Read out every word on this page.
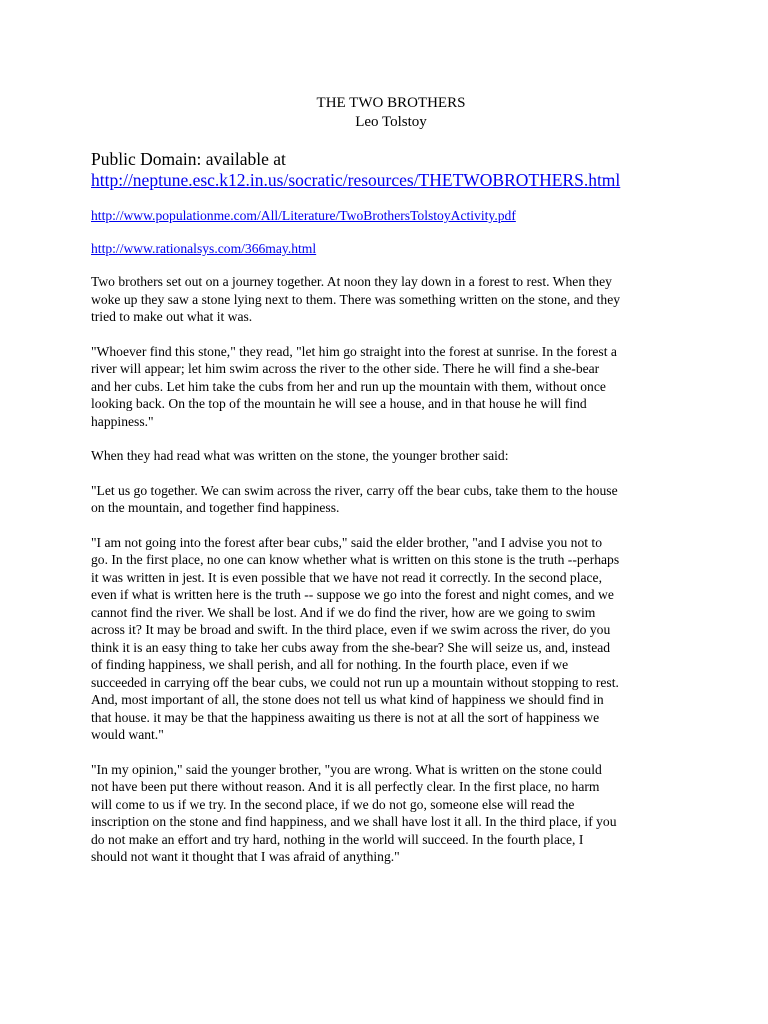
THE TWO BROTHERS
Leo Tolstoy
Public Domain: available at
http://neptune.esc.k12.in.us/socratic/resources/THETWOBROTHERS.html
http://www.populationme.com/All/Literature/TwoBrothersTolstoyActivity.pdf
http://www.rationalsys.com/366may.html

Two brothers set out on a journey together. At noon they lay down in a forest to rest. When they

woke up they saw a stone lying next to them. There was something written on the stone, and they

tried to make out what it was.

"Whoever find this stone," they read, "let him go straight into the forest at sunrise. In the forest a

river will appear; let him swim across the river to the other side. There he will find a she-bear

and her cubs. Let him take the cubs from her and run up the mountain with them, without once

looking back. On the top of the mountain he will see a house, and in that house he will find

happiness."

When they had read what was written on the stone, the younger brother said:

"Let us go together. We can swim across the river, carry off the bear cubs, take them to the house

on the mountain, and together find happiness.

"I am not going into the forest after bear cubs," said the elder brother, "and I advise you not to

go. In the first place, no one can know whether what is written on this stone is the truth --perhaps

it was written in jest. It is even possible that we have not read it correctly. In the second place,

even if what is written here is the truth -- suppose we go into the forest and night comes, and we

cannot find the river. We shall be lost. And if we do find the river, how are we going to swim

across it? It may be broad and swift. In the third place, even if we swim across the river, do you

think it is an easy thing to take her cubs away from the she-bear? She will seize us, and, instead

of finding happiness, we shall perish, and all for nothing. In the fourth place, even if we

succeeded in carrying off the bear cubs, we could not run up a mountain without stopping to rest.

And, most important of all, the stone does not tell us what kind of happiness we should find in

that house. it may be that the happiness awaiting us there is not at all the sort of happiness we

would want."

"In my opinion," said the younger brother, "you are wrong. What is written on the stone could

not have been put there without reason. And it is all perfectly clear. In the first place, no harm

will come to us if we try. In the second place, if we do not go, someone else will read the

inscription on the stone and find happiness, and we shall have lost it all. In the third place, if you

do not make an effort and try hard, nothing in the world will succeed. In the fourth place, I

should not want it thought that I was afraid of anything."
